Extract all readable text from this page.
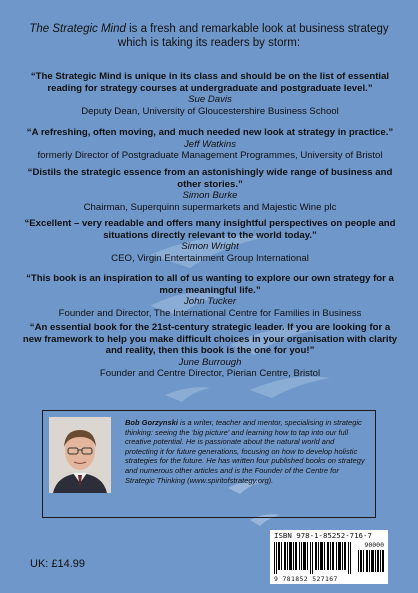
The Strategic Mind is a fresh and remarkable look at business strategy which is taking its readers by storm:
“The Strategic Mind is unique in its class and should be on the list of essential reading for strategy courses at undergraduate and postgraduate level.”
Sue Davis
Deputy Dean, University of Gloucestershire Business School
“A refreshing, often moving, and much needed new look at strategy in practice.”
Jeff Watkins
formerly Director of Postgraduate Management Programmes, University of Bristol
“Distils the strategic essence from an astonishingly wide range of business and other stories.”
Simon Burke
Chairman, Superquinn supermarkets and Majestic Wine plc
“Excellent – very readable and offers many insightful perspectives on people and situations directly relevant to the world today.”
Simon Wright
CEO, Virgin Entertainment Group International
“This book is an inspiration to all of us wanting to explore our own strategy for a more meaningful life.”
John Tucker
Founder and Director, The International Centre for Families in Business
“An essential book for the 21st-century strategic leader. If you are looking for a new framework to help you make difficult choices in your organisation with clarity and reality, then this book is the one for you!”
June Burrough
Founder and Centre Director, Pierian Centre, Bristol
Bob Gorzynski is a writer, teacher and mentor, specialising in strategic thinking: seeing the 'big picture' and learning how to tap into our full creative potential. He is passionate about the natural world and protecting it for future generations, focusing on how to develop holistic strategies for the future. He has written four published books on strategy and numerous other articles and is the Founder of the Centre for Strategic Thinking (www.spiritofstrategy.org).
UK: £14.99
ISBN 978-1-85252-716-7
90000
9 781852 527167
